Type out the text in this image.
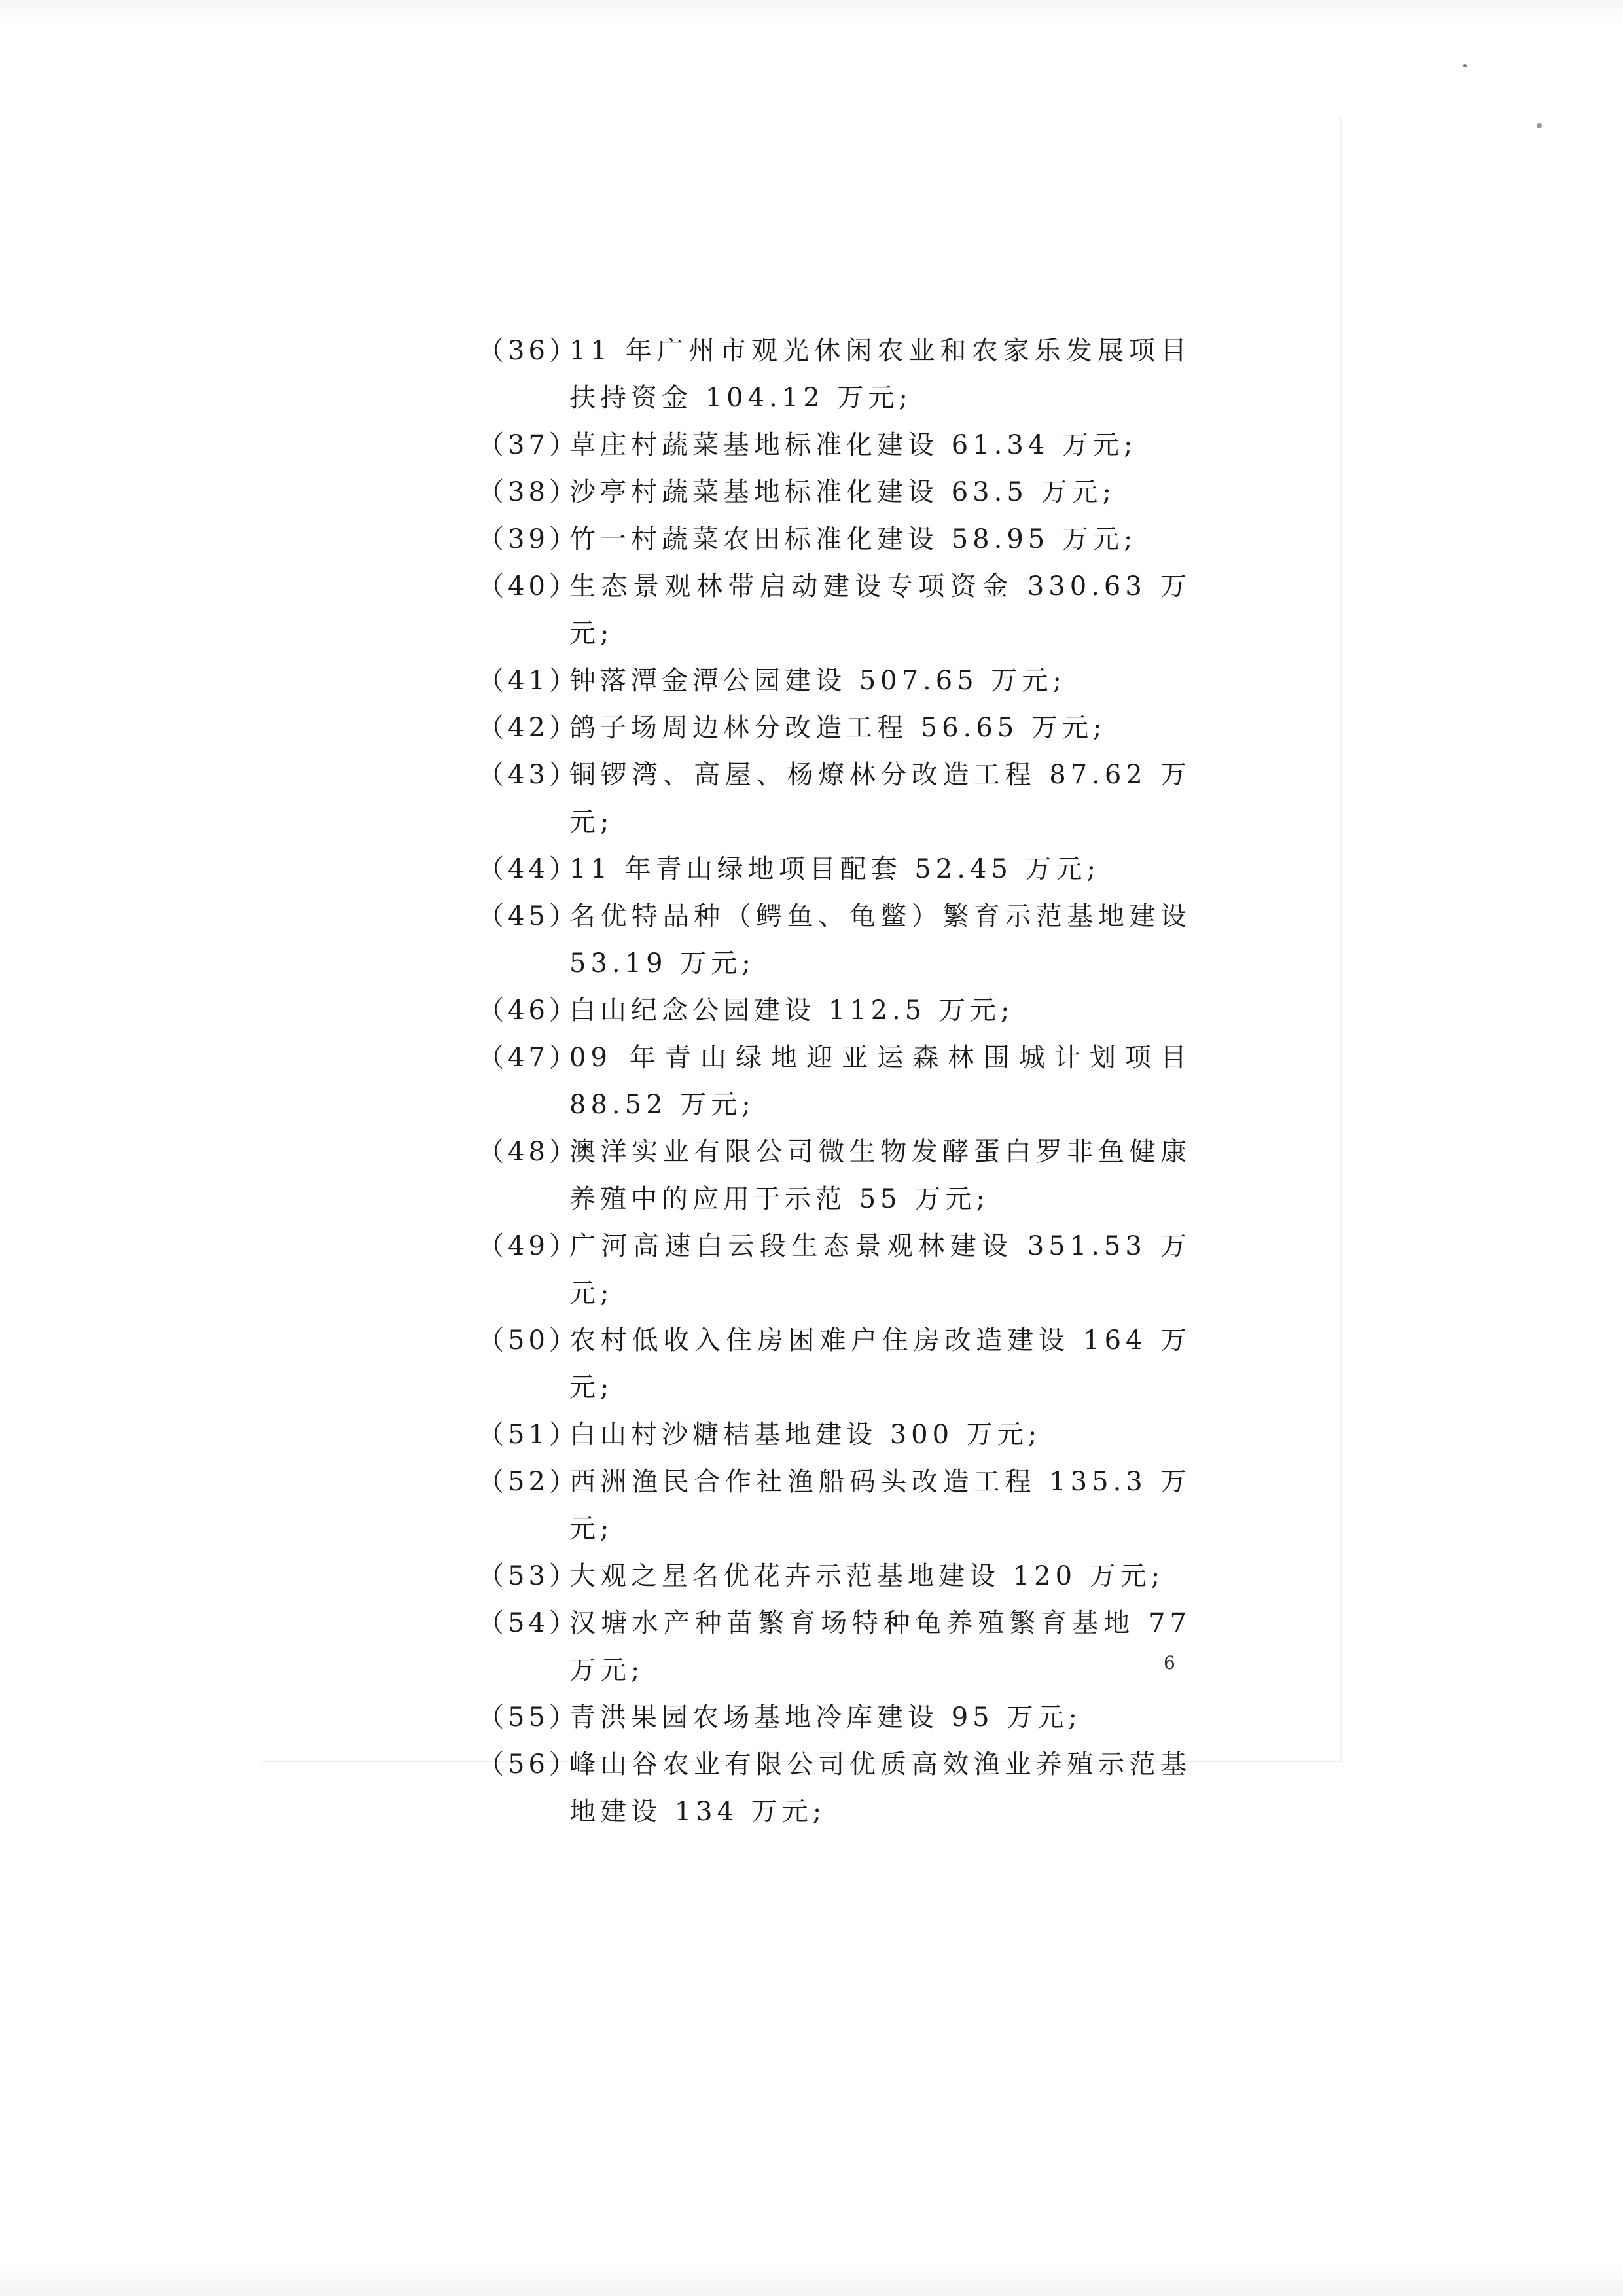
（36）
11 年广州市观光休闲农业和农家乐发展项目扶持资金 104.12 万元;
（37）
草庄村蔬菜基地标准化建设 61.34 万元;
（38）
沙亭村蔬菜基地标准化建设 63.5 万元;
（39）
竹一村蔬菜农田标准化建设 58.95 万元;
（40）
生态景观林带启动建设专项资金 330.63 万元;
（41）
钟落潭金潭公园建设 507.65 万元;
（42）
鸽子场周边林分改造工程 56.65 万元;
（43）
铜锣湾、高屋、杨燎林分改造工程 87.62 万元;
（44）
11 年青山绿地项目配套 52.45 万元;
（45）
名优特品种（鳄鱼、龟鳖）繁育示范基地建设 53.19 万元;
（46）
白山纪念公园建设 112.5 万元;
（47）
09 年青山绿地迎亚运森林围城计划项目 88.52 万元;
（48）
澳洋实业有限公司微生物发酵蛋白罗非鱼健康养殖中的应用于示范 55 万元;
（49）
广河高速白云段生态景观林建设 351.53 万元;
（50）
农村低收入住房困难户住房改造建设 164 万元;
（51）
白山村沙糖桔基地建设 300 万元;
（52）
西洲渔民合作社渔船码头改造工程 135.3 万元;
（53）
大观之星名优花卉示范基地建设 120 万元;
（54）
汉塘水产种苗繁育场特种龟养殖繁育基地 77 万元;
（55）
青洪果园农场基地冷库建设 95 万元;
（56）
峰山谷农业有限公司优质高效渔业养殖示范基地建设 134 万元;
6
